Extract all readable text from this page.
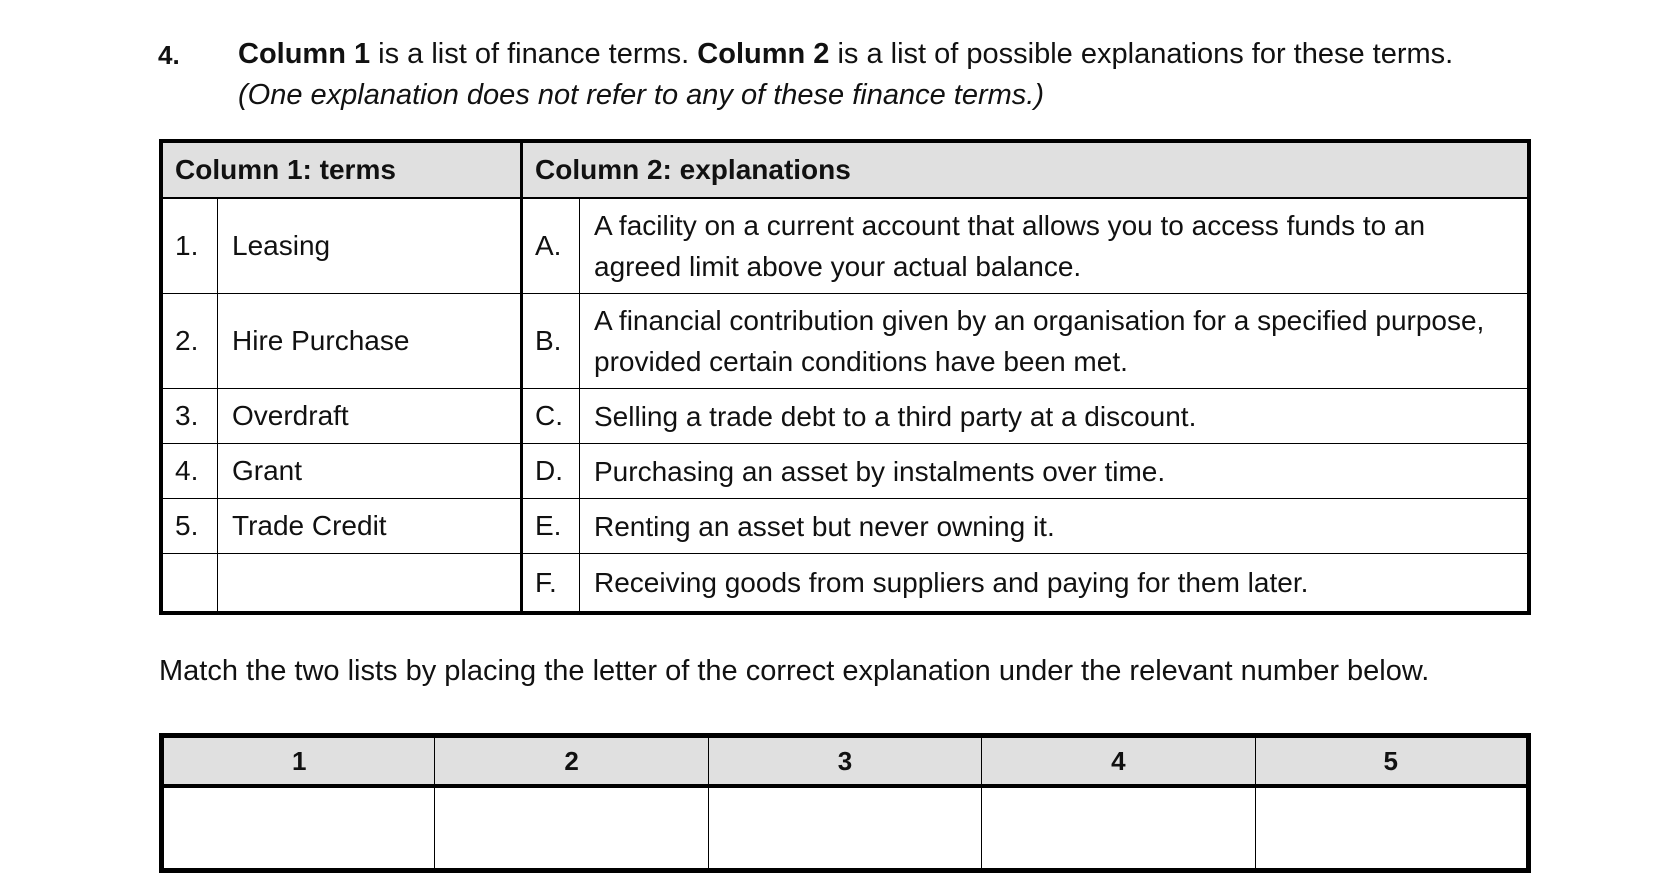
4. Column 1 is a list of finance terms. Column 2 is a list of possible explanations for these terms.
(One explanation does not refer to any of these finance terms.)
Column 1: terms		Column 2: explanations	
1.	Leasing	A.	A facility on a current account that allows you to access funds to an agreed limit above your actual balance.
2.	Hire Purchase	B.	A financial contribution given by an organisation for a specified purpose, provided certain conditions have been met.
3.	Overdraft	C.	Selling a trade debt to a third party at a discount.
4.	Grant	D.	Purchasing an asset by instalments over time.
5.	Trade Credit	E.	Renting an asset but never owning it.
		F.	Receiving goods from suppliers and paying for them later.
Match the two lists by placing the letter of the correct explanation under the relevant number below.
1	2	3	4	5
